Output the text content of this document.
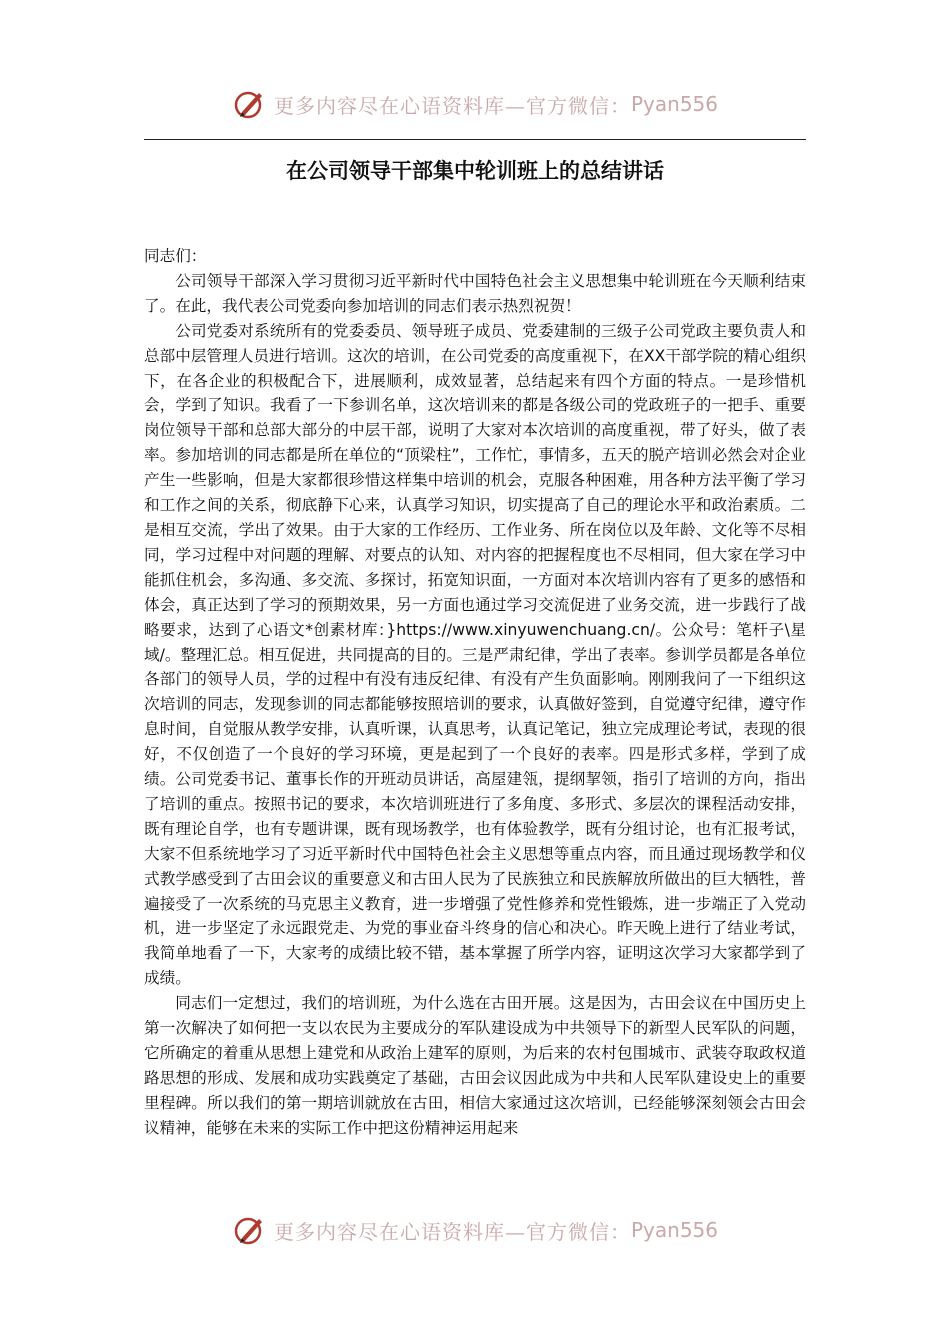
更多内容尽在心语资料库—官方微信： Pyan556
在公司领导干部集中轮训班上的总结讲话

同志们：

公司领导干部深入学习贯彻习近平新时代中国特色社会主义思想集中轮训班在今天顺利结束了。在此，我代表公司党委向参加培训的同志们表示热烈祝贺！

公司党委对系统所有的党委委员、领导班子成员、党委建制的三级子公司党政主要负责人和总部中层管理人员进行培训。这次的培训，在公司党委的高度重视下，在XX干部学院的精心组织下，在各企业的积极配合下，进展顺利，成效显著，总结起来有四个方面的特点。一是珍惜机会，学到了知识。我看了一下参训名单，这次培训来的都是各级公司的党政班子的一把手、重要岗位领导干部和总部大部分的中层干部，说明了大家对本次培训的高度重视，带了好头，做了表率。参加培训的同志都是所在单位的“顶梁柱”，工作忙，事情多，五天的脱产培训必然会对企业产生一些影响，但是大家都很珍惜这样集中培训的机会，克服各种困难，用各种方法平衡了学习和工作之间的关系，彻底静下心来，认真学习知识，切实提高了自己的理论水平和政治素质。二是相互交流，学出了效果。由于大家的工作经历、工作业务、所在岗位以及年龄、文化等不尽相同，学习过程中对问题的理解、对要点的认知、对内容的把握程度也不尽相同，但大家在学习中能抓住机会，多沟通、多交流、多探讨，拓宽知识面，一方面对本次培训内容有了更多的感悟和体会，真正达到了学习的预期效果，另一方面也通过学习交流促进了业务交流，进一步践行了战略要求，达到了心语文*创素材库：}https://www.xinyuwenchuang.cn/。公众号：笔杆子\星域/。整理汇总。相互促进，共同提高的目的。三是严肃纪律，学出了表率。参训学员都是各单位各部门的领导人员，学的过程中有没有违反纪律、有没有产生负面影响。刚刚我问了一下组织这次培训的同志，发现参训的同志都能够按照培训的要求，认真做好签到，自觉遵守纪律，遵守作息时间，自觉服从教学安排，认真听课，认真思考，认真记笔记，独立完成理论考试，表现的很好，不仅创造了一个良好的学习环境，更是起到了一个良好的表率。四是形式多样，学到了成绩。公司党委书记、董事长作的开班动员讲话，高屋建瓴，提纲挈领，指引了培训的方向，指出了培训的重点。按照书记的要求，本次培训班进行了多角度、多形式、多层次的课程活动安排，既有理论自学，也有专题讲课，既有现场教学，也有体验教学，既有分组讨论，也有汇报考试，大家不但系统地学习了习近平新时代中国特色社会主义思想等重点内容，而且通过现场教学和仪式教学感受到了古田会议的重要意义和古田人民为了民族独立和民族解放所做出的巨大牺牲，普遍接受了一次系统的马克思主义教育，进一步增强了党性修养和党性锻炼，进一步端正了入党动机，进一步坚定了永远跟党走、为党的事业奋斗终身的信心和决心。昨天晚上进行了结业考试，我简单地看了一下，大家考的成绩比较不错，基本掌握了所学内容，证明这次学习大家都学到了成绩。

同志们一定想过，我们的培训班，为什么选在古田开展。这是因为，古田会议在中国历史上第一次解决了如何把一支以农民为主要成分的军队建设成为中共领导下的新型人民军队的问题，它所确定的着重从思想上建党和从政治上建军的原则，为后来的农村包围城市、武装夺取政权道路思想的形成、发展和成功实践奠定了基础，古田会议因此成为中共和人民军队建设史上的重要里程碑。所以我们的第一期培训就放在古田，相信大家通过这次培训，已经能够深刻领会古田会议精神，能够在未来的实际工作中把这份精神运用起来

更多内容尽在心语资料库—官方微信： Pyan556
